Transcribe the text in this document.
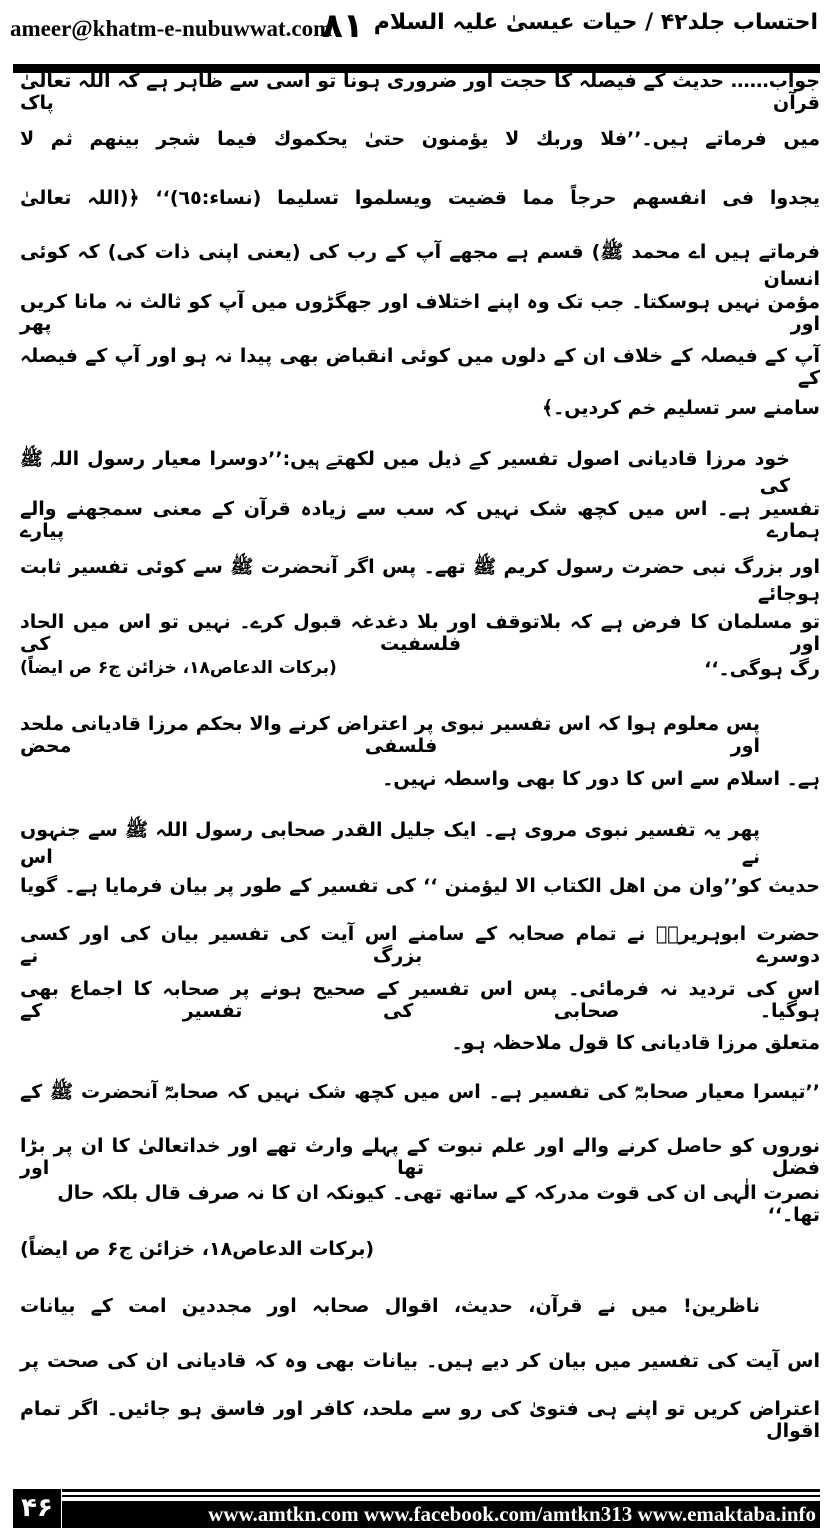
ameer@khatm-e-nubuwwat.com
۸۱ احتساب جلد۴۲ / حیات عیسیٰ علیہ السلام
جواب…… حدیث کے فیصلہ کا حجت اور ضروری ہونا تو اسی سے ظاہر ہے کہ اللہ تعالیٰ قرآن پاک
میں فرماتے ہیں۔’’فلا وربك لا يؤمنون حتىٰ يحكموك فيما شجر بينهم ثم لا
يجدوا فى انفسهم حرجاً مما قضيت ويسلموا تسليما (نساء:٦٥)‘‘ ﴿(اللہ تعالیٰ
فرماتے ہیں اے محمد ﷺ) قسم ہے مجھے آپ کے رب کی (یعنی اپنی ذات کی) کہ کوئی انسان
مؤمن نہیں ہوسکتا۔ جب تک وہ اپنے اختلاف اور جھگڑوں میں آپ کو ثالث نہ مانا کریں اور پھر
آپ کے فیصلہ کے خلاف ان کے دلوں میں کوئی انقباض بھی پیدا نہ ہو اور آپ کے فیصلہ کے
سامنے سر تسلیم خم کردیں۔﴾
خود مرزا قادیانی اصول تفسیر کے ذیل میں لکھتے ہیں:’’دوسرا معیار رسول اللہ ﷺ کی
تفسیر ہے۔ اس میں کچھ شک نہیں کہ سب سے زیادہ قرآن کے معنی سمجھنے والے ہمارے پیارے
اور بزرگ نبی حضرت رسول کریم ﷺ تھے۔ پس اگر آنحضرت ﷺ سے کوئی تفسیر ثابت ہوجائے
تو مسلمان کا فرض ہے کہ بلاتوقف اور بلا دغدغہ قبول کرے۔ نہیں تو اس میں الحاد اور فلسفیت کی
رگ ہوگی۔‘‘
(برکات الدعاص۱۸، خزائن ج۶ ص ایضاً)
پس معلوم ہوا کہ اس تفسیر نبوی پر اعتراض کرنے والا بحکم مرزا قادیانی ملحد اور فلسفی محض
ہے۔ اسلام سے اس کا دور کا بھی واسطہ نہیں۔
پھر یہ تفسیر نبوی مروی ہے۔ ایک جلیل القدر صحابی رسول اللہ ﷺ سے جنہوں نے اس
حدیث کو’’وان من اهل الكتاب الا ليؤمنن ‘‘ کی تفسیر کے طور پر بیان فرمایا ہے۔ گویا
حضرت ابوہریرہؓ نے تمام صحابہ کے سامنے اس آیت کی تفسیر بیان کی اور کسی دوسرے بزرگ نے
اس کی تردید نہ فرمائی۔ پس اس تفسیر کے صحیح ہونے پر صحابہ کا اجماع بھی ہوگیا۔ صحابی کی تفسیر کے
متعلق مرزا قادیانی کا قول ملاحظہ ہو۔
’’تیسرا معیار صحابہؓ کی تفسیر ہے۔ اس میں کچھ شک نہیں کہ صحابہؓ آنحضرت ﷺ کے
نوروں کو حاصل کرنے والے اور علم نبوت کے پہلے وارث تھے اور خداتعالیٰ کا ان پر بڑا فضل تھا اور
نصرت الٰہی ان کی قوت مدرکہ کے ساتھ تھی۔ کیونکہ ان کا نہ صرف قال بلکہ حال تھا۔‘‘
(برکات الدعاص۱۸، خزائن ج۶ ص ایضاً)
ناظرین! میں نے قرآن، حدیث، اقوال صحابہ اور مجددین امت کے بیانات
اس آیت کی تفسیر میں بیان کر دیے ہیں۔ بیانات بھی وہ کہ قادیانی ان کی صحت پر
اعتراض کریں تو اپنے ہی فتویٰ کی رو سے ملحد، کافر اور فاسق ہو جائیں۔ اگر تمام اقوال
۴۶	www.amtkn.com www.facebook.com/amtkn313 www.emaktaba.info
